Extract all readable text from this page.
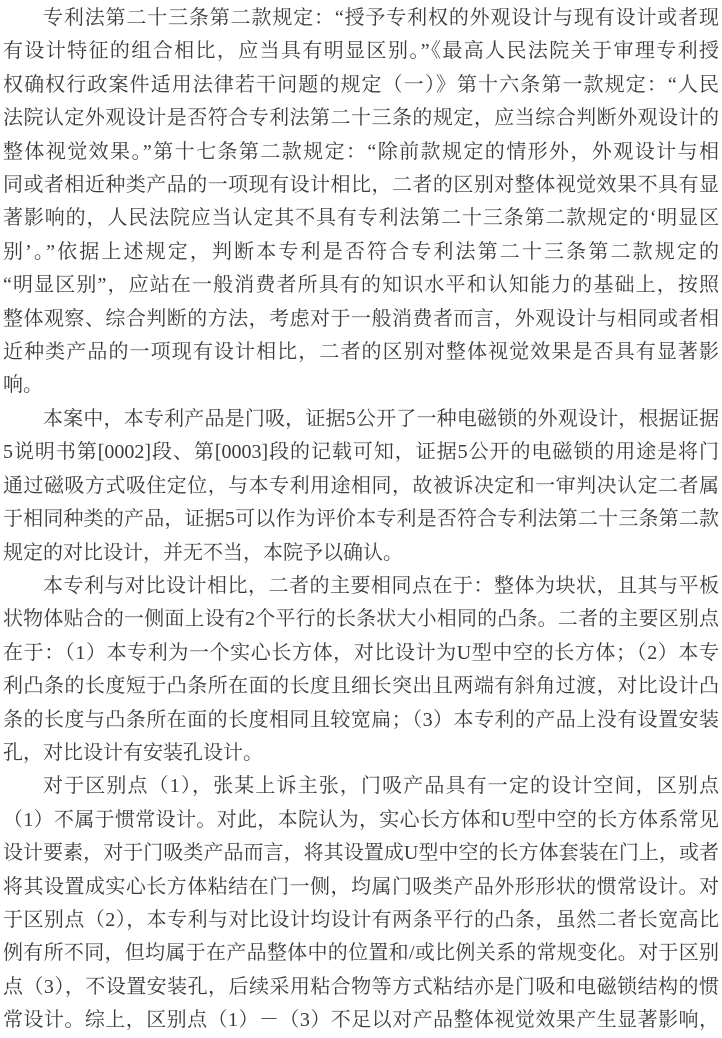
专利法第二十三条第二款规定：“授予专利权的外观设计与现有设计或者现
有设计特征的组合相比，应当具有明显区别。”《最高人民法院关于审理专利授
权确权行政案件适用法律若干问题的规定（一）》第十六条第一款规定：“人民
法院认定外观设计是否符合专利法第二十三条的规定，应当综合判断外观设计的
整体视觉效果。”第十七条第二款规定：“除前款规定的情形外，外观设计与相
同或者相近种类产品的一项现有设计相比，二者的区别对整体视觉效果不具有显
著影响的，人民法院应当认定其不具有专利法第二十三条第二款规定的‘明显区
别’。”依据上述规定，判断本专利是否符合专利法第二十三条第二款规定的
“明显区别”，应站在一般消费者所具有的知识水平和认知能力的基础上，按照
整体观察、综合判断的方法，考虑对于一般消费者而言，外观设计与相同或者相
近种类产品的一项现有设计相比，二者的区别对整体视觉效果是否具有显著影
响。
本案中，本专利产品是门吸，证据5公开了一种电磁锁的外观设计，根据证据
5说明书第[0002]段、第[0003]段的记载可知，证据5公开的电磁锁的用途是将门
通过磁吸方式吸住定位，与本专利用途相同，故被诉决定和一审判决认定二者属
于相同种类的产品，证据5可以作为评价本专利是否符合专利法第二十三条第二款
规定的对比设计，并无不当，本院予以确认。
本专利与对比设计相比，二者的主要相同点在于：整体为块状，且其与平板
状物体贴合的一侧面上设有2个平行的长条状大小相同的凸条。二者的主要区别点
在于：（1）本专利为一个实心长方体，对比设计为U型中空的长方体；（2）本专
利凸条的长度短于凸条所在面的长度且细长突出且两端有斜角过渡，对比设计凸
条的长度与凸条所在面的长度相同且较宽扁；（3）本专利的产品上没有设置安装
孔，对比设计有安装孔设计。
对于区别点（1），张某上诉主张，门吸产品具有一定的设计空间，区别点
（1）不属于惯常设计。对此，本院认为，实心长方体和U型中空的长方体系常见
设计要素，对于门吸类产品而言，将其设置成U型中空的长方体套装在门上，或者
将其设置成实心长方体粘结在门一侧，均属门吸类产品外形形状的惯常设计。对
于区别点（2），本专利与对比设计均设计有两条平行的凸条，虽然二者长宽高比
例有所不同，但均属于在产品整体中的位置和/或比例关系的常规变化。对于区别
点（3），不设置安装孔，后续采用粘合物等方式粘结亦是门吸和电磁锁结构的惯
常设计。综上，区别点（1）－（3）不足以对产品整体视觉效果产生显著影响，
